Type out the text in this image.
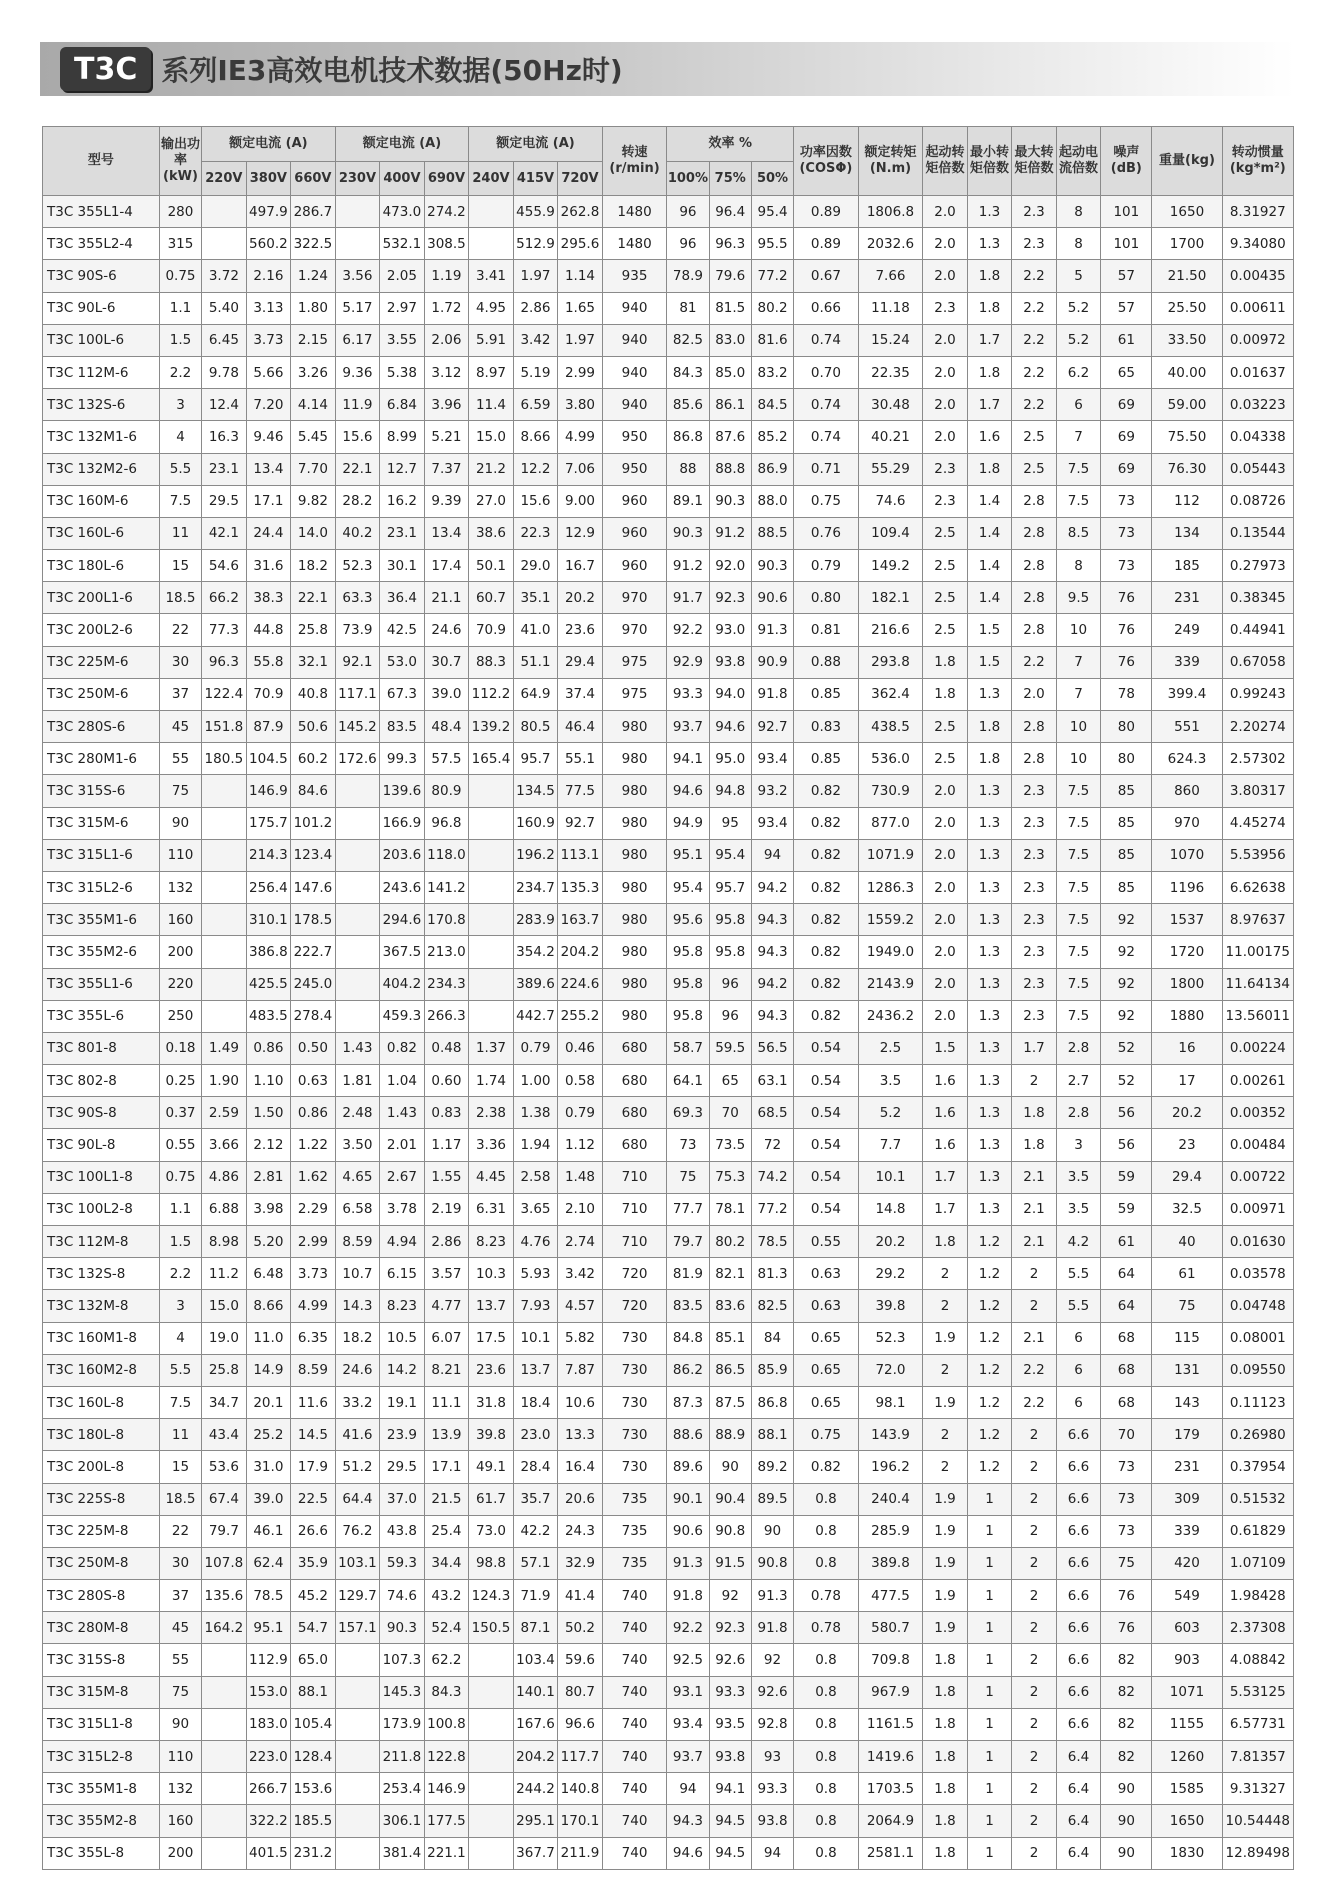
T3C 系列IE3高效电机技术数据(50Hz时)
型号	输出功率(kW)	额定电流 (A)			额定电流 (A)			额定电流 (A)			转速(r/min)	效率 %			功率因数(COSΦ)	额定转矩(N.m)	起动转矩倍数	最小转矩倍数	最大转矩倍数	起动电流倍数	噪声(dB)	重量(kg)	转动惯量(kg*m²)
		220V	380V	660V	230V	400V	690V	240V	415V	720V		100%	75%	50%									
T3C 355L1-4	280		497.9	286.7		473.0	274.2		455.9	262.8	1480	96	96.4	95.4	0.89	1806.8	2.0	1.3	2.3	8	101	1650	8.31927
T3C 355L2-4	315		560.2	322.5		532.1	308.5		512.9	295.6	1480	96	96.3	95.5	0.89	2032.6	2.0	1.3	2.3	8	101	1700	9.34080
T3C 90S-6	0.75	3.72	2.16	1.24	3.56	2.05	1.19	3.41	1.97	1.14	935	78.9	79.6	77.2	0.67	7.66	2.0	1.8	2.2	5	57	21.50	0.00435
T3C 90L-6	1.1	5.40	3.13	1.80	5.17	2.97	1.72	4.95	2.86	1.65	940	81	81.5	80.2	0.66	11.18	2.3	1.8	2.2	5.2	57	25.50	0.00611
T3C 100L-6	1.5	6.45	3.73	2.15	6.17	3.55	2.06	5.91	3.42	1.97	940	82.5	83.0	81.6	0.74	15.24	2.0	1.7	2.2	5.2	61	33.50	0.00972
T3C 112M-6	2.2	9.78	5.66	3.26	9.36	5.38	3.12	8.97	5.19	2.99	940	84.3	85.0	83.2	0.70	22.35	2.0	1.8	2.2	6.2	65	40.00	0.01637
T3C 132S-6	3	12.4	7.20	4.14	11.9	6.84	3.96	11.4	6.59	3.80	940	85.6	86.1	84.5	0.74	30.48	2.0	1.7	2.2	6	69	59.00	0.03223
T3C 132M1-6	4	16.3	9.46	5.45	15.6	8.99	5.21	15.0	8.66	4.99	950	86.8	87.6	85.2	0.74	40.21	2.0	1.6	2.5	7	69	75.50	0.04338
T3C 132M2-6	5.5	23.1	13.4	7.70	22.1	12.7	7.37	21.2	12.2	7.06	950	88	88.8	86.9	0.71	55.29	2.3	1.8	2.5	7.5	69	76.30	0.05443
T3C 160M-6	7.5	29.5	17.1	9.82	28.2	16.2	9.39	27.0	15.6	9.00	960	89.1	90.3	88.0	0.75	74.6	2.3	1.4	2.8	7.5	73	112	0.08726
T3C 160L-6	11	42.1	24.4	14.0	40.2	23.1	13.4	38.6	22.3	12.9	960	90.3	91.2	88.5	0.76	109.4	2.5	1.4	2.8	8.5	73	134	0.13544
T3C 180L-6	15	54.6	31.6	18.2	52.3	30.1	17.4	50.1	29.0	16.7	960	91.2	92.0	90.3	0.79	149.2	2.5	1.4	2.8	8	73	185	0.27973
T3C 200L1-6	18.5	66.2	38.3	22.1	63.3	36.4	21.1	60.7	35.1	20.2	970	91.7	92.3	90.6	0.80	182.1	2.5	1.4	2.8	9.5	76	231	0.38345
T3C 200L2-6	22	77.3	44.8	25.8	73.9	42.5	24.6	70.9	41.0	23.6	970	92.2	93.0	91.3	0.81	216.6	2.5	1.5	2.8	10	76	249	0.44941
T3C 225M-6	30	96.3	55.8	32.1	92.1	53.0	30.7	88.3	51.1	29.4	975	92.9	93.8	90.9	0.88	293.8	1.8	1.5	2.2	7	76	339	0.67058
T3C 250M-6	37	122.4	70.9	40.8	117.1	67.3	39.0	112.2	64.9	37.4	975	93.3	94.0	91.8	0.85	362.4	1.8	1.3	2.0	7	78	399.4	0.99243
T3C 280S-6	45	151.8	87.9	50.6	145.2	83.5	48.4	139.2	80.5	46.4	980	93.7	94.6	92.7	0.83	438.5	2.5	1.8	2.8	10	80	551	2.20274
T3C 280M1-6	55	180.5	104.5	60.2	172.6	99.3	57.5	165.4	95.7	55.1	980	94.1	95.0	93.4	0.85	536.0	2.5	1.8	2.8	10	80	624.3	2.57302
T3C 315S-6	75		146.9	84.6		139.6	80.9		134.5	77.5	980	94.6	94.8	93.2	0.82	730.9	2.0	1.3	2.3	7.5	85	860	3.80317
T3C 315M-6	90		175.7	101.2		166.9	96.8		160.9	92.7	980	94.9	95	93.4	0.82	877.0	2.0	1.3	2.3	7.5	85	970	4.45274
T3C 315L1-6	110		214.3	123.4		203.6	118.0		196.2	113.1	980	95.1	95.4	94	0.82	1071.9	2.0	1.3	2.3	7.5	85	1070	5.53956
T3C 315L2-6	132		256.4	147.6		243.6	141.2		234.7	135.3	980	95.4	95.7	94.2	0.82	1286.3	2.0	1.3	2.3	7.5	85	1196	6.62638
T3C 355M1-6	160		310.1	178.5		294.6	170.8		283.9	163.7	980	95.6	95.8	94.3	0.82	1559.2	2.0	1.3	2.3	7.5	92	1537	8.97637
T3C 355M2-6	200		386.8	222.7		367.5	213.0		354.2	204.2	980	95.8	95.8	94.3	0.82	1949.0	2.0	1.3	2.3	7.5	92	1720	11.00175
T3C 355L1-6	220		425.5	245.0		404.2	234.3		389.6	224.6	980	95.8	96	94.2	0.82	2143.9	2.0	1.3	2.3	7.5	92	1800	11.64134
T3C 355L-6	250		483.5	278.4		459.3	266.3		442.7	255.2	980	95.8	96	94.3	0.82	2436.2	2.0	1.3	2.3	7.5	92	1880	13.56011
T3C 801-8	0.18	1.49	0.86	0.50	1.43	0.82	0.48	1.37	0.79	0.46	680	58.7	59.5	56.5	0.54	2.5	1.5	1.3	1.7	2.8	52	16	0.00224
T3C 802-8	0.25	1.90	1.10	0.63	1.81	1.04	0.60	1.74	1.00	0.58	680	64.1	65	63.1	0.54	3.5	1.6	1.3	2	2.7	52	17	0.00261
T3C 90S-8	0.37	2.59	1.50	0.86	2.48	1.43	0.83	2.38	1.38	0.79	680	69.3	70	68.5	0.54	5.2	1.6	1.3	1.8	2.8	56	20.2	0.00352
T3C 90L-8	0.55	3.66	2.12	1.22	3.50	2.01	1.17	3.36	1.94	1.12	680	73	73.5	72	0.54	7.7	1.6	1.3	1.8	3	56	23	0.00484
T3C 100L1-8	0.75	4.86	2.81	1.62	4.65	2.67	1.55	4.45	2.58	1.48	710	75	75.3	74.2	0.54	10.1	1.7	1.3	2.1	3.5	59	29.4	0.00722
T3C 100L2-8	1.1	6.88	3.98	2.29	6.58	3.78	2.19	6.31	3.65	2.10	710	77.7	78.1	77.2	0.54	14.8	1.7	1.3	2.1	3.5	59	32.5	0.00971
T3C 112M-8	1.5	8.98	5.20	2.99	8.59	4.94	2.86	8.23	4.76	2.74	710	79.7	80.2	78.5	0.55	20.2	1.8	1.2	2.1	4.2	61	40	0.01630
T3C 132S-8	2.2	11.2	6.48	3.73	10.7	6.15	3.57	10.3	5.93	3.42	720	81.9	82.1	81.3	0.63	29.2	2	1.2	2	5.5	64	61	0.03578
T3C 132M-8	3	15.0	8.66	4.99	14.3	8.23	4.77	13.7	7.93	4.57	720	83.5	83.6	82.5	0.63	39.8	2	1.2	2	5.5	64	75	0.04748
T3C 160M1-8	4	19.0	11.0	6.35	18.2	10.5	6.07	17.5	10.1	5.82	730	84.8	85.1	84	0.65	52.3	1.9	1.2	2.1	6	68	115	0.08001
T3C 160M2-8	5.5	25.8	14.9	8.59	24.6	14.2	8.21	23.6	13.7	7.87	730	86.2	86.5	85.9	0.65	72.0	2	1.2	2.2	6	68	131	0.09550
T3C 160L-8	7.5	34.7	20.1	11.6	33.2	19.1	11.1	31.8	18.4	10.6	730	87.3	87.5	86.8	0.65	98.1	1.9	1.2	2.2	6	68	143	0.11123
T3C 180L-8	11	43.4	25.2	14.5	41.6	23.9	13.9	39.8	23.0	13.3	730	88.6	88.9	88.1	0.75	143.9	2	1.2	2	6.6	70	179	0.26980
T3C 200L-8	15	53.6	31.0	17.9	51.2	29.5	17.1	49.1	28.4	16.4	730	89.6	90	89.2	0.82	196.2	2	1.2	2	6.6	73	231	0.37954
T3C 225S-8	18.5	67.4	39.0	22.5	64.4	37.0	21.5	61.7	35.7	20.6	735	90.1	90.4	89.5	0.8	240.4	1.9	1	2	6.6	73	309	0.51532
T3C 225M-8	22	79.7	46.1	26.6	76.2	43.8	25.4	73.0	42.2	24.3	735	90.6	90.8	90	0.8	285.9	1.9	1	2	6.6	73	339	0.61829
T3C 250M-8	30	107.8	62.4	35.9	103.1	59.3	34.4	98.8	57.1	32.9	735	91.3	91.5	90.8	0.8	389.8	1.9	1	2	6.6	75	420	1.07109
T3C 280S-8	37	135.6	78.5	45.2	129.7	74.6	43.2	124.3	71.9	41.4	740	91.8	92	91.3	0.78	477.5	1.9	1	2	6.6	76	549	1.98428
T3C 280M-8	45	164.2	95.1	54.7	157.1	90.3	52.4	150.5	87.1	50.2	740	92.2	92.3	91.8	0.78	580.7	1.9	1	2	6.6	76	603	2.37308
T3C 315S-8	55		112.9	65.0		107.3	62.2		103.4	59.6	740	92.5	92.6	92	0.8	709.8	1.8	1	2	6.6	82	903	4.08842
T3C 315M-8	75		153.0	88.1		145.3	84.3		140.1	80.7	740	93.1	93.3	92.6	0.8	967.9	1.8	1	2	6.6	82	1071	5.53125
T3C 315L1-8	90		183.0	105.4		173.9	100.8		167.6	96.6	740	93.4	93.5	92.8	0.8	1161.5	1.8	1	2	6.6	82	1155	6.57731
T3C 315L2-8	110		223.0	128.4		211.8	122.8		204.2	117.7	740	93.7	93.8	93	0.8	1419.6	1.8	1	2	6.4	82	1260	7.81357
T3C 355M1-8	132		266.7	153.6		253.4	146.9		244.2	140.8	740	94	94.1	93.3	0.8	1703.5	1.8	1	2	6.4	90	1585	9.31327
T3C 355M2-8	160		322.2	185.5		306.1	177.5		295.1	170.1	740	94.3	94.5	93.8	0.8	2064.9	1.8	1	2	6.4	90	1650	10.54448
T3C 355L-8	200		401.5	231.2		381.4	221.1		367.7	211.9	740	94.6	94.5	94	0.8	2581.1	1.8	1	2	6.4	90	1830	12.89498
